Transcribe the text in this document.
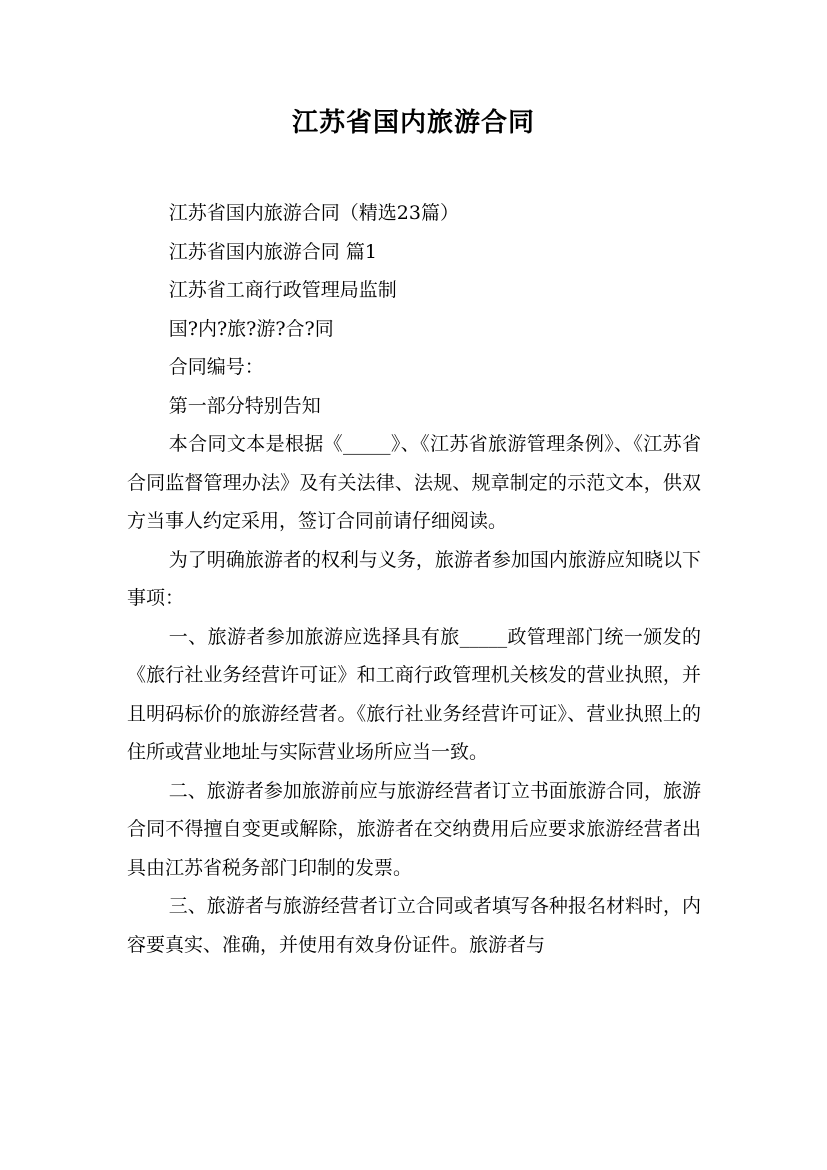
江苏省国内旅游合同

江苏省国内旅游合同（精选23篇）

江苏省国内旅游合同 篇1

江苏省工商行政管理局监制

国?内?旅?游?合?同

合同编号：

第一部分特别告知

本合同文本是根据《_____》、《江苏省旅游管理条例》、《江苏省合同监督管理办法》及有关法律、法规、规章制定的示范文本，供双方当事人约定采用，签订合同前请仔细阅读。

为了明确旅游者的权利与义务，旅游者参加国内旅游应知晓以下事项：

一、旅游者参加旅游应选择具有旅_____政管理部门统一颁发的《旅行社业务经营许可证》和工商行政管理机关核发的营业执照，并且明码标价的旅游经营者。《旅行社业务经营许可证》、营业执照上的住所或营业地址与实际营业场所应当一致。

二、旅游者参加旅游前应与旅游经营者订立书面旅游合同，旅游合同不得擅自变更或解除，旅游者在交纳费用后应要求旅游经营者出具由江苏省税务部门印制的发票。

三、旅游者与旅游经营者订立合同或者填写各种报名材料时，内容要真实、准确，并使用有效身份证件。旅游者与
